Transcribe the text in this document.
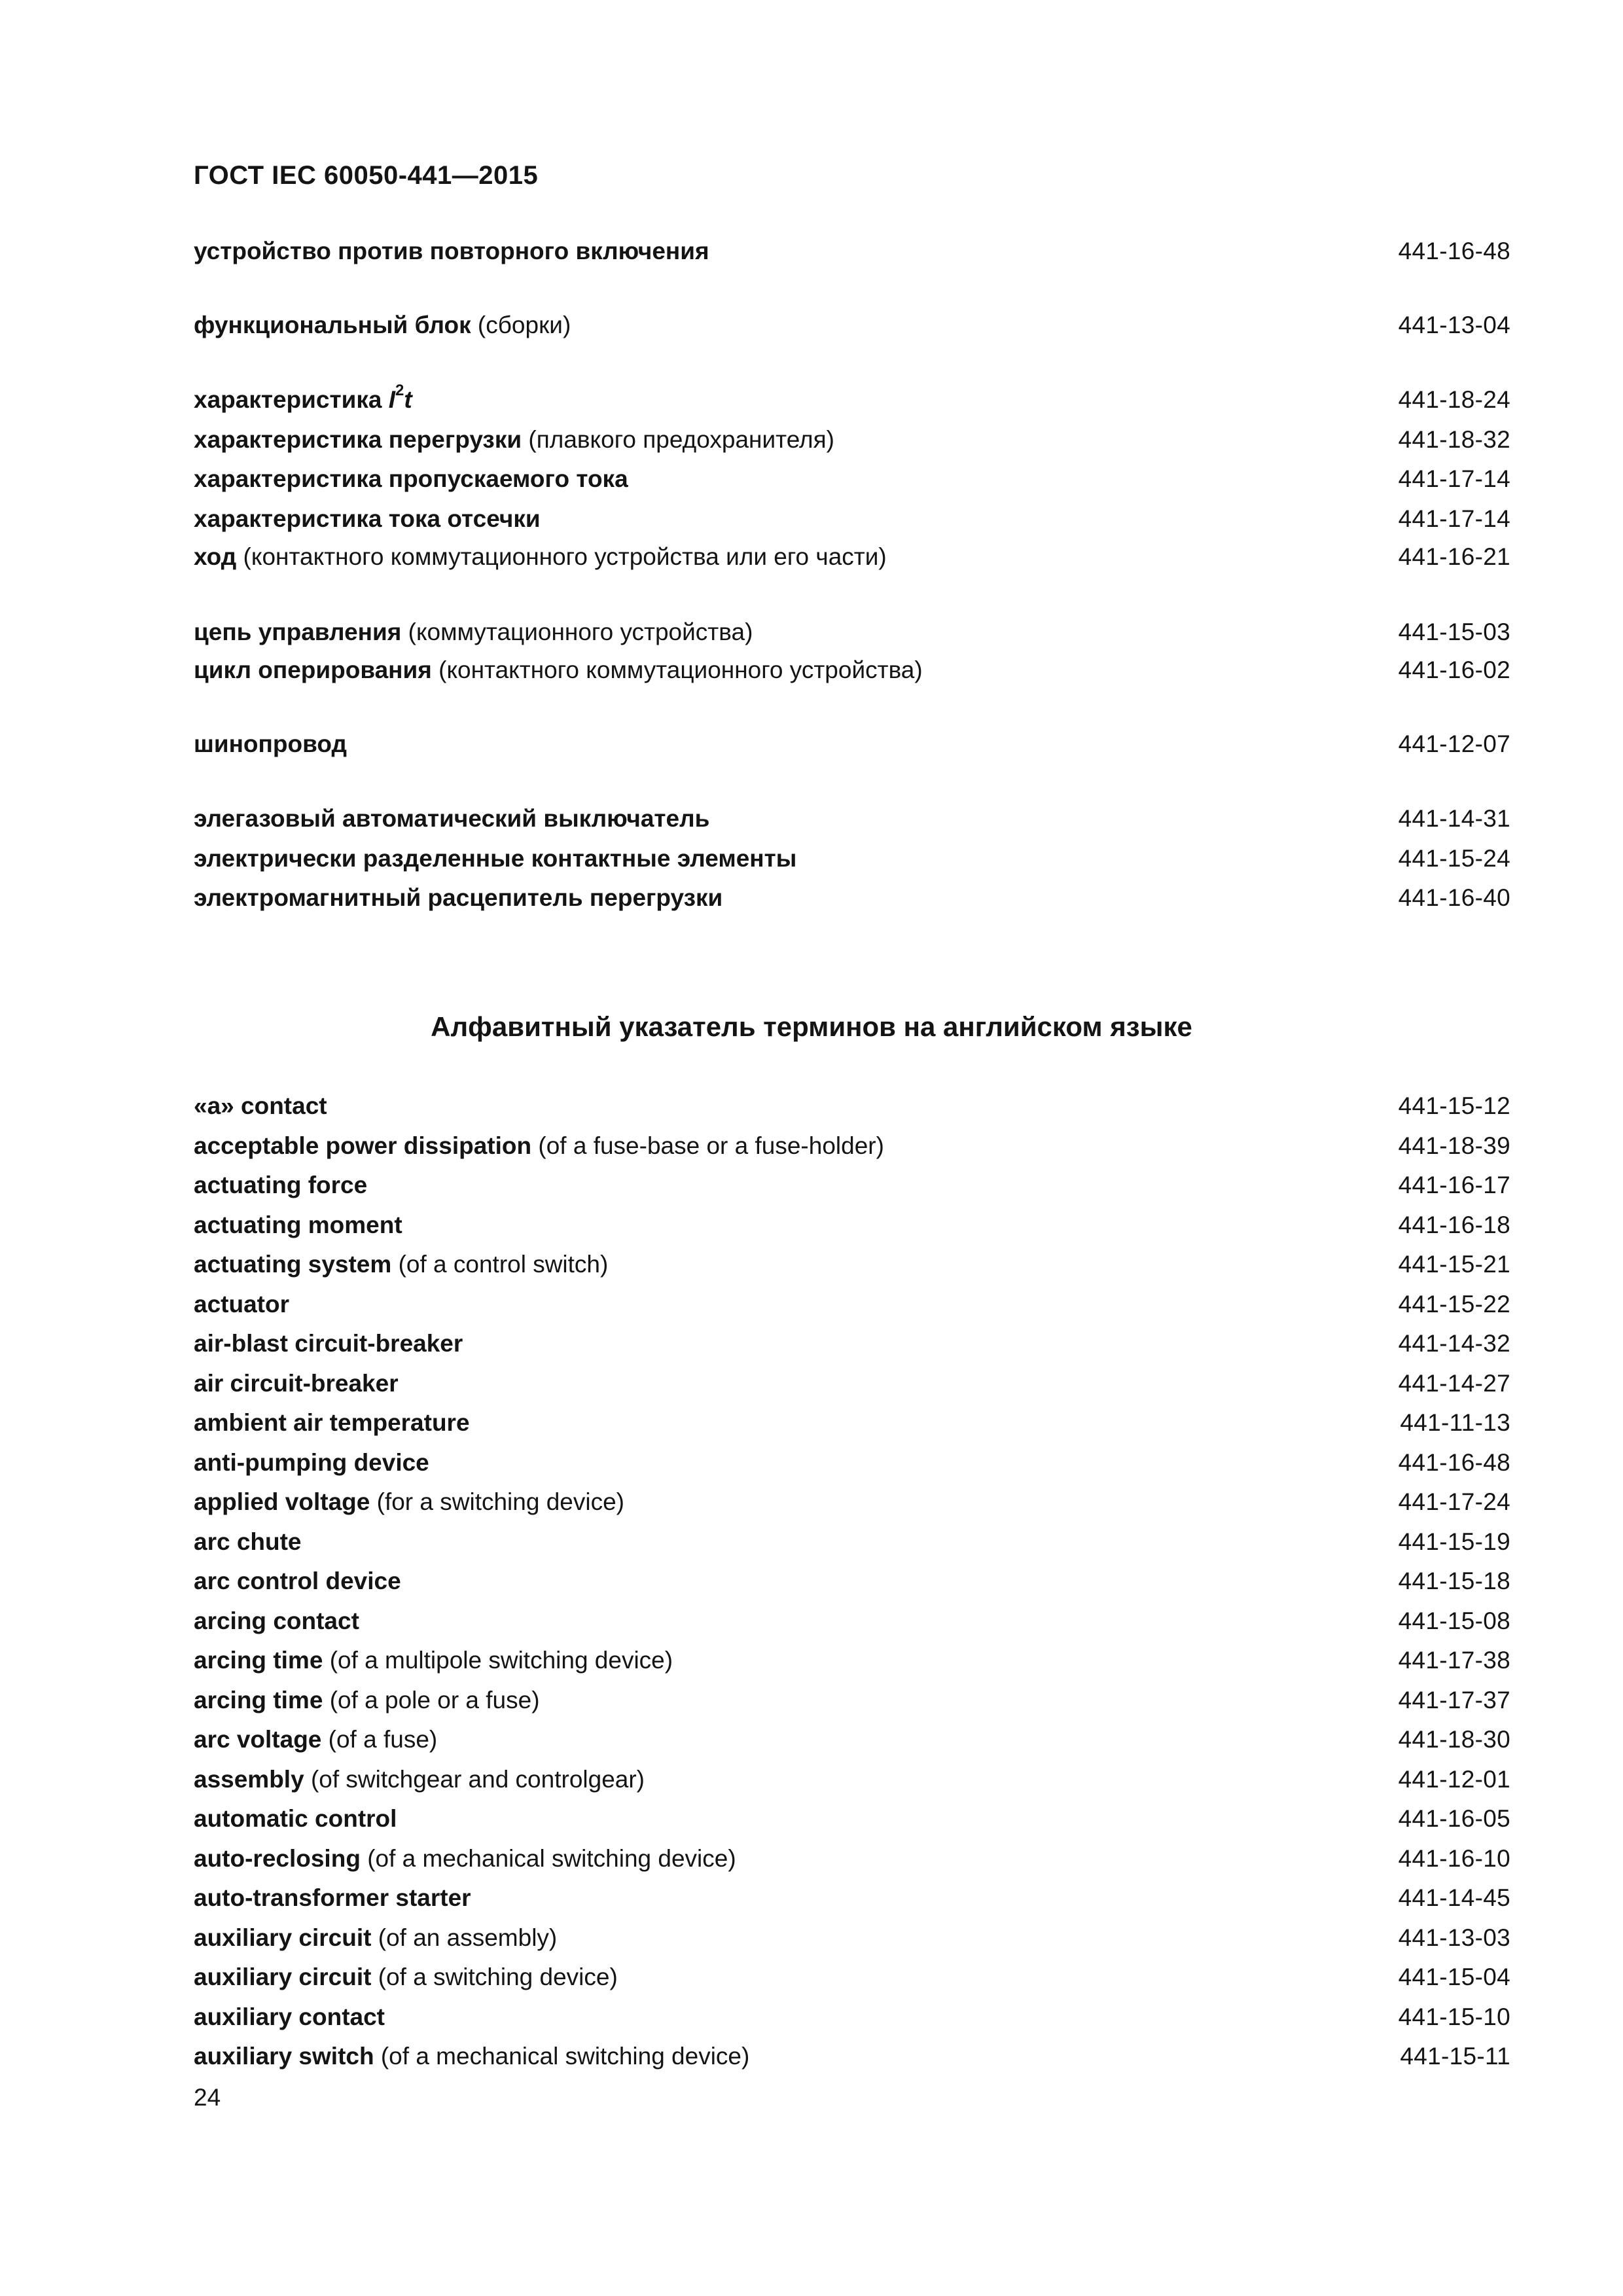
ГОСТ IEC 60050-441—2015
устройство против повторного включения	441-16-48
функциональный блок (сборки)	441-13-04
характеристика $I^2t$	441-18-24
характеристика перегрузки (плавкого предохранителя)	441-18-32
характеристика пропускаемого тока	441-17-14
характеристика тока отсечки	441-17-14
ход (контактного коммутационного устройства или его части)	441-16-21
цепь управления (коммутационного устройства)	441-15-03
цикл оперирования (контактного коммутационного устройства)	441-16-02
шинопровод	441-12-07
элегазовый автоматический выключатель	441-14-31
электрически разделенные контактные элементы	441-15-24
электромагнитный расцепитель перегрузки	441-16-40
Алфавитный указатель терминов на английском языке
«a» contact	441-15-12
acceptable power dissipation (of a fuse-base or a fuse-holder)	441-18-39
actuating force	441-16-17
actuating moment	441-16-18
actuating system (of a control switch)	441-15-21
actuator	441-15-22
air-blast circuit-breaker	441-14-32
air circuit-breaker	441-14-27
ambient air temperature	441-11-13
anti-pumping device	441-16-48
applied voltage (for a switching device)	441-17-24
arc chute	441-15-19
arc control device	441-15-18
arcing contact	441-15-08
arcing time (of a multipole switching device)	441-17-38
arcing time (of a pole or a fuse)	441-17-37
arc voltage (of a fuse)	441-18-30
assembly (of switchgear and controlgear)	441-12-01
automatic control	441-16-05
auto-reclosing (of a mechanical switching device)	441-16-10
auto-transformer starter	441-14-45
auxiliary circuit (of an assembly)	441-13-03
auxiliary circuit (of a switching device)	441-15-04
auxiliary contact	441-15-10
auxiliary switch (of a mechanical switching device)	441-15-11
24
